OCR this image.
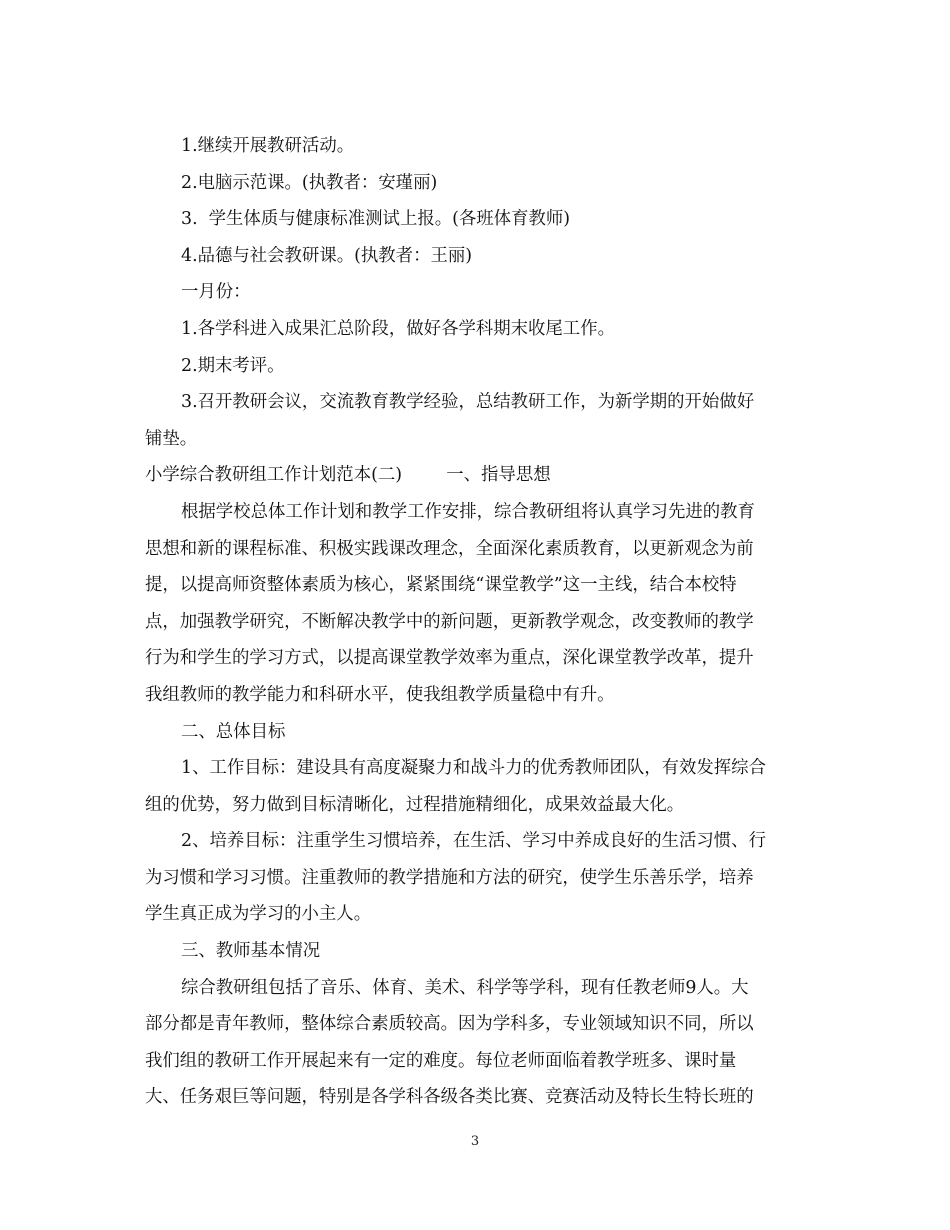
1.继续开展教研活动。

2.电脑示范课。(执教者：安瑾丽)

3.  学生体质与健康标准测试上报。(各班体育教师)

4.品德与社会教研课。(执教者：王丽)

一月份：

1.各学科进入成果汇总阶段，做好各学科期末收尾工作。

2.期末考评。

3.召开教研会议，交流教育教学经验，总结教研工作，为新学期的开始做好
铺垫。

小学综合教研组工作计划范本(二)        一、指导思想

根据学校总体工作计划和教学工作安排，综合教研组将认真学习先进的教育
思想和新的课程标准、积极实践课改理念，全面深化素质教育，以更新观念为前
提，以提高师资整体素质为核心，紧紧围绕“课堂教学”这一主线，结合本校特
点，加强教学研究，不断解决教学中的新问题，更新教学观念，改变教师的教学
行为和学生的学习方式，以提高课堂教学效率为重点，深化课堂教学改革，提升
我组教师的教学能力和科研水平，使我组教学质量稳中有升。

二、总体目标

1、工作目标：建设具有高度凝聚力和战斗力的优秀教师团队，有效发挥综合
组的优势，努力做到目标清晰化，过程措施精细化，成果效益最大化。

2、培养目标：注重学生习惯培养，在生活、学习中养成良好的生活习惯、行
为习惯和学习习惯。注重教师的教学措施和方法的研究，使学生乐善乐学，培养
学生真正成为学习的小主人。

三、教师基本情况

综合教研组包括了音乐、体育、美术、科学等学科，现有任教老师9人。大
部分都是青年教师，整体综合素质较高。因为学科多，专业领域知识不同，所以
我们组的教研工作开展起来有一定的难度。每位老师面临着教学班多、课时量
大、任务艰巨等问题，特别是各学科各级各类比赛、竞赛活动及特长生特长班的

3
